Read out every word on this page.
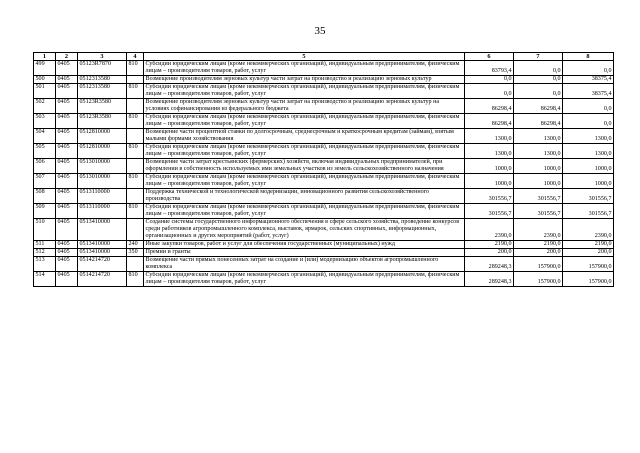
35
1	2	3	4	5	6	7	8
499	0405	05123R7870	810	Субсидии юридическим лицам (кроме некоммерческих организаций), индивидуальным предпринимателям, физическим лицам – производителям товаров, работ, услуг	83793,4	0,0	0,0
500	0405	0512313580		Возмещение производителям зерновых культур части затрат на производство и реализацию зерновых культур	0,0	0,0	38375,4
501	0405	0512313580	810	Субсидии юридическим лицам (кроме некоммерческих организаций), индивидуальным предпринимателям, физическим лицам – производителям товаров, работ, услуг	0,0	0,0	38375,4
502	0405	05123R3580		Возмещение производителям зерновых культур части затрат на производство и реализацию зерновых культур на условиях софинансирования из федерального бюджета	86298,4	86298,4	0,0
503	0405	05123R3580	810	Субсидии юридическим лицам (кроме некоммерческих организаций), индивидуальным предпринимателям, физическим лицам – производителям товаров, работ, услуг	86298,4	86298,4	0,0
504	0405	0512810000		Возмещение части процентной ставки по долгосрочным, среднесрочным и краткосрочным кредитам (займам), взятым малыми формами хозяйствования	1300,0	1300,0	1300,0
505	0405	0512810000	810	Субсидии юридическим лицам (кроме некоммерческих организаций), индивидуальным предпринимателям, физическим лицам – производителям товаров, работ, услуг	1300,0	1300,0	1300,0
506	0405	0513010000		Возмещение части затрат крестьянских (фермерских) хозяйств, включая индивидуальных предпринимателей, при оформлении в собственность используемых ими земельных участков из земель сельскохозяйственного назначения	1000,0	1000,0	1000,0
507	0405	0513010000	810	Субсидии юридическим лицам (кроме некоммерческих организаций), индивидуальным предпринимателям, физическим лицам – производителям товаров, работ, услуг	1000,0	1000,0	1000,0
508	0405	0513110000		Поддержка технической и технологической модернизации, инновационного развития сельскохозяйственного производства	301556,7	301556,7	301556,7
509	0405	0513110000	810	Субсидии юридическим лицам (кроме некоммерческих организаций), индивидуальным предпринимателям, физическим лицам – производителям товаров, работ, услуг	301556,7	301556,7	301556,7
510	0405	0513410000		Создание системы государственного информационного обеспечения в сфере сельского хозяйства, проведение конкурсов среди работников агропромышленного комплекса, выставок, ярмарок, сельских спортивных, информационных, организационных и других мероприятий (работ, услуг)	2390,0	2390,0	2390,0
511	0405	0513410000	240	Иные закупки товаров, работ и услуг для обеспечения государственных (муниципальных) нужд	2190,0	2190,0	2190,0
512	0405	0513410000	350	Премии и гранты	200,0	200,0	200,0
513	0405	0514214720		Возмещение части прямых понесенных затрат на создание и (или) модернизацию объектов агропромышленного комплекса	289248,3	157900,0	157900,0
514	0405	0514214720	810	Субсидии юридическим лицам (кроме некоммерческих организаций), индивидуальным предпринимателям, физическим лицам – производителям товаров, работ, услуг	289248,3	157900,0	157900,0
